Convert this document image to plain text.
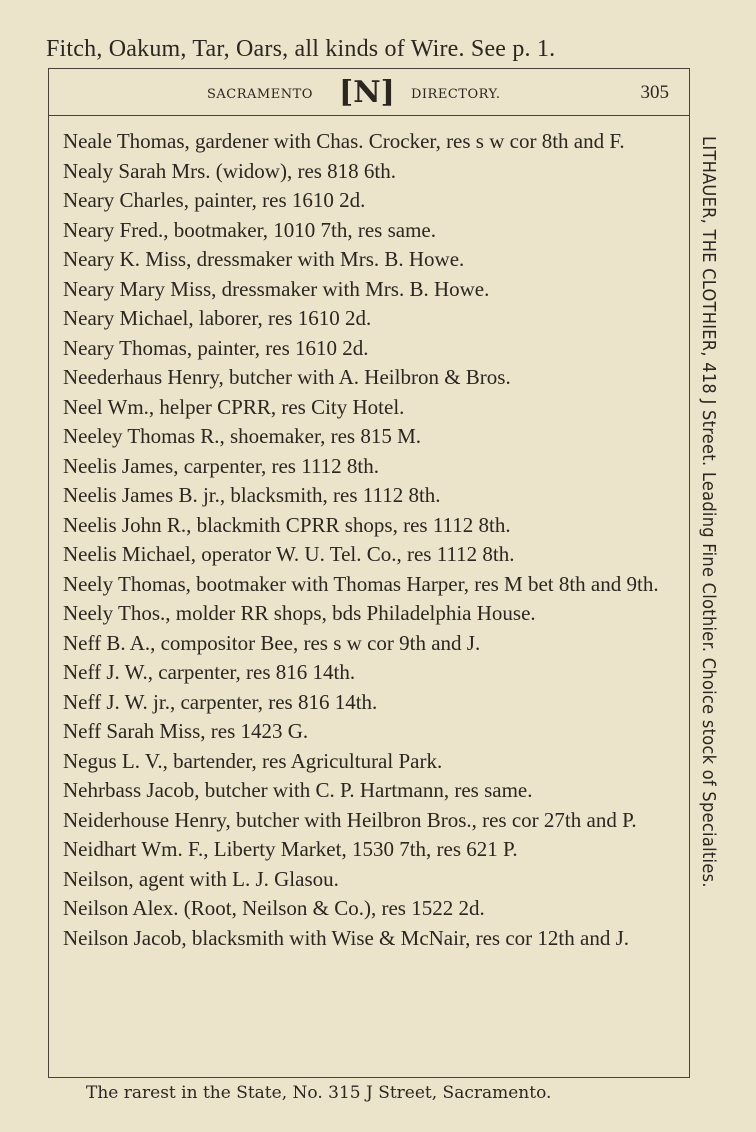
Fitch, Oakum, Tar, Oars, all kinds of Wire. See p. 1.
SACRAMENTO [N] DIRECTORY.	305
Neale Thomas, gardener with Chas. Crocker, res s w cor 8th and F.
Nealy Sarah Mrs. (widow), res 818 6th.
Neary Charles, painter, res 1610 2d.
Neary Fred., bootmaker, 1010 7th, res same.
Neary K. Miss, dressmaker with Mrs. B. Howe.
Neary Mary Miss, dressmaker with Mrs. B. Howe.
Neary Michael, laborer, res 1610 2d.
Neary Thomas, painter, res 1610 2d.
Neederhaus Henry, butcher with A. Heilbron & Bros.
Neel Wm., helper CPRR, res City Hotel.
Neeley Thomas R., shoemaker, res 815 M.
Neelis James, carpenter, res 1112 8th.
Neelis James B. jr., blacksmith, res 1112 8th.
Neelis John R., blackmith CPRR shops, res 1112 8th.
Neelis Michael, operator W. U. Tel. Co., res 1112 8th.
Neely Thomas, bootmaker with Thomas Harper, res M bet 8th and 9th.
Neely Thos., molder RR shops, bds Philadelphia House.
Neff B. A., compositor Bee, res s w cor 9th and J.
Neff J. W., carpenter, res 816 14th.
Neff J. W. jr., carpenter, res 816 14th.
Neff Sarah Miss, res 1423 G.
Negus L. V., bartender, res Agricultural Park.
Nehrbass Jacob, butcher with C. P. Hartmann, res same.
Neiderhouse Henry, butcher with Heilbron Bros., res cor 27th and P.
Neidhart Wm. F., Liberty Market, 1530 7th, res 621 P.
Neilson, agent with L. J. Glasou.
Neilson Alex. (Root, Neilson & Co.), res 1522 2d.
Neilson Jacob, blacksmith with Wise & McNair, res cor 12th and J.
LITHAUER, THE CLOTHIER, 418 J Street. Leading Fine Clothier. Choice stock of Specialties.
The rarest in the State, No. 315 J Street, Sacramento.
